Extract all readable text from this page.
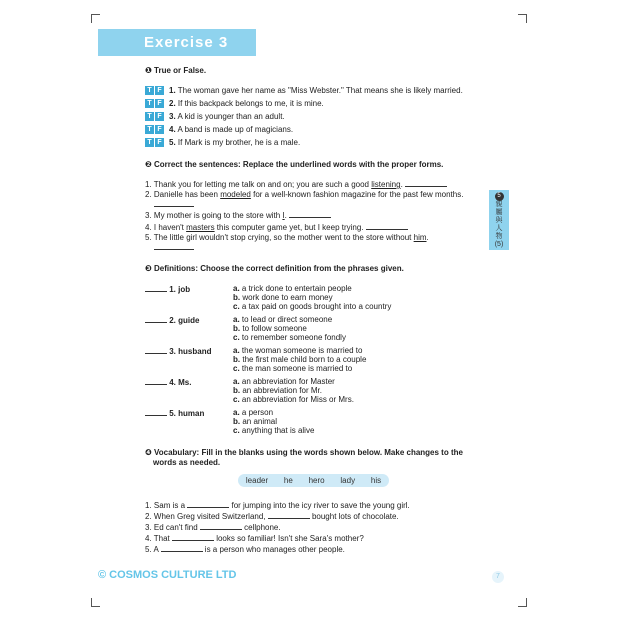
Exercise 3
❶ True or False.
T F 1. The woman gave her name as "Miss Webster." That means she is likely married.
T F 2. If this backpack belongs to me, it is mine.
T F 3. A kid is younger than an adult.
T F 4. A band is made up of magicians.
T F 5. If Mark is my brother, he is a male.
❷ Correct the sentences: Replace the underlined words with the proper forms.
1. Thank you for letting me talk on and on; you are such a good listening.
2. Danielle has been modeled for a well-known fashion magazine for the past few months.
3. My mother is going to the store with I.
4. I haven't masters this computer game yet, but I keep trying.
5. The little girl wouldn't stop crying, so the mother went to the store without him.
5
親
屬
與
人
物
(5)
❸ Definitions: Choose the correct definition from the phrases given.
1. job	a. a trick done to entertain people
b. work done to earn money
c. a tax paid on goods brought into a country
2. guide	a. to lead or direct someone
b. to follow someone
c. to remember someone fondly
3. husband	a. the woman someone is married to
b. the first male child born to a couple
c. the man someone is married to
4. Ms.	a. an abbreviation for Master
b. an abbreviation for Mr.
c. an abbreviation for Miss or Mrs.
5. human	a. a person
b. an animal
c. anything that is alive
❹ Vocabulary: Fill in the blanks using the words shown below. Make changes to the
words as needed.
leader he hero lady his
1. Sam is a	for jumping into the icy river to save the young girl.
2. When Greg visited Switzerland,	bought lots of chocolate.
3. Ed can't find	cellphone.
4. That	looks so familiar! Isn't she Sara's mother?
5. A	is a person who manages other people.
© COSMOS CULTURE LTD	7
